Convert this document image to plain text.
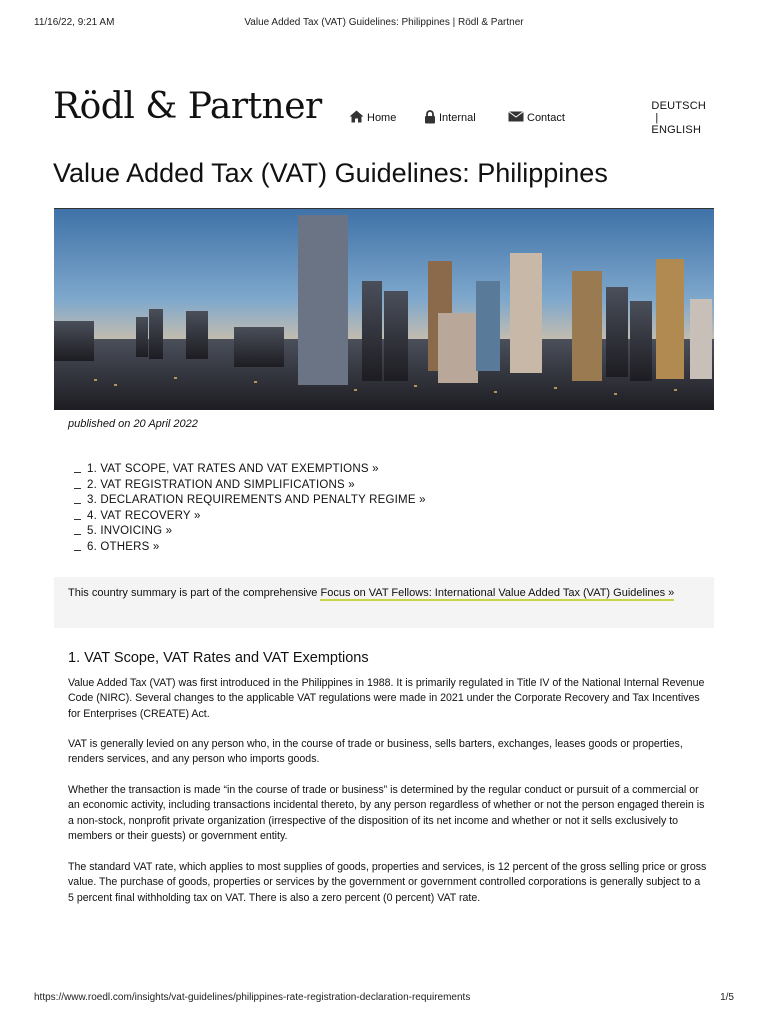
11/16/22, 9:21 AM	Value Added Tax (VAT) Guidelines: Philippines | Rödl & Partner
Rödl & Partner	Home	Internal	Contact
DEUTSCH
|
ENGLISH
Value Added Tax (VAT) Guidelines: Philippines

published on 20 April 2022

1. VAT SCOPE, VAT RATES AND VAT EXEMPTIONS »
2. VAT REGISTRATION AND SIMPLIFICATIONS »
3. DECLARATION REQUIREMENTS AND PENALTY REGIME »
4. VAT RECOVERY »
5. INVOICING »
6. OTHERS »
This country summary is part of the comprehensive Focus on VAT Fellows: International Value Added Tax (VAT) Guidelines »
1. VAT Scope, VAT Rates and VAT Exemptions

Value Added Tax (VAT) was first introduced in the Philippines in 1988. It is primarily regulated in Title IV of the National Internal Revenue Code (NIRC). Several changes to the applicable VAT regulations were made in 2021 under the Corporate Recovery and Tax Incentives for Enterprises (CREATE) Act.

VAT is generally levied on any person who, in the course of trade or business, sells barters, exchanges, leases goods or properties, renders services, and any person who imports goods.

Whether the transaction is made “in the course of trade or business” is determined by the regular conduct or pursuit of a commercial or an economic activity, including transactions incidental thereto, by any person regardless of whether or not the person engaged therein is a non-stock, nonprofit private organization (irrespective of the disposition of its net income and whether or not it sells exclusively to members or their guests) or government entity.

The standard VAT rate, which applies to most supplies of goods, properties and services, is 12 percent of the gross selling price or gross value. The purchase of goods, properties or services by the government or government controlled corporations is generally subject to a 5 percent final withholding tax on VAT. There is also a zero percent (0 percent) VAT rate.

https://www.roedl.com/insights/vat-guidelines/philippines-rate-registration-declaration-requirements	1/5
